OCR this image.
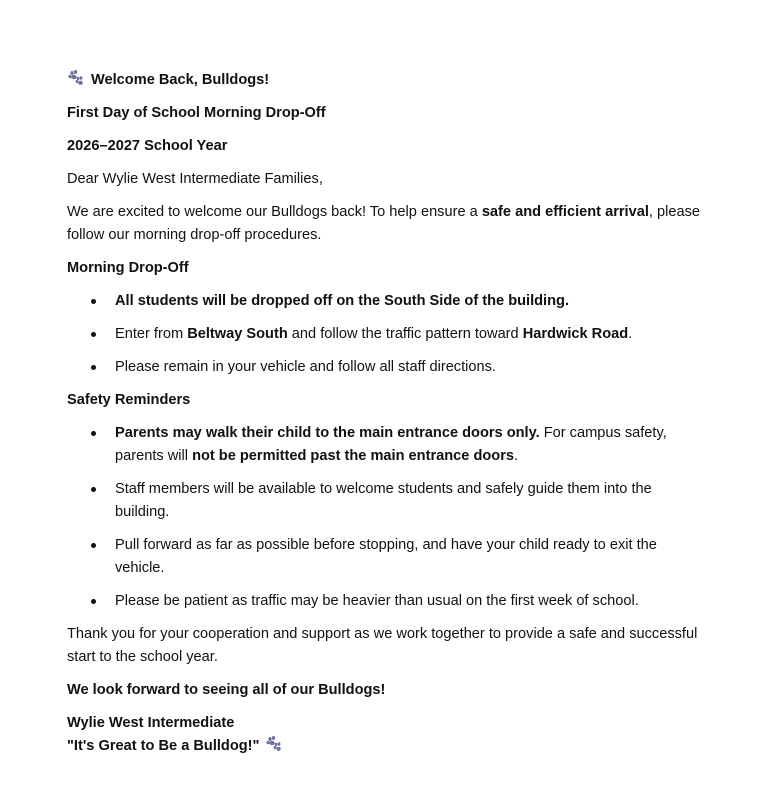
Welcome Back, Bulldogs!

First Day of School Morning Drop-Off

2026–2027 School Year

Dear Wylie West Intermediate Families,

We are excited to welcome our Bulldogs back! To help ensure a safe and efficient arrival, please follow our morning drop-off procedures.

Morning Drop-Off

All students will be dropped off on the South Side of the building.
Enter from Beltway South and follow the traffic pattern toward Hardwick Road.
Please remain in your vehicle and follow all staff directions.

Safety Reminders

Parents may walk their child to the main entrance doors only. For campus safety, parents will not be permitted past the main entrance doors.
Staff members will be available to welcome students and safely guide them into the building.
Pull forward as far as possible before stopping, and have your child ready to exit the vehicle.
Please be patient as traffic may be heavier than usual on the first week of school.

Thank you for your cooperation and support as we work together to provide a safe and successful start to the school year.

We look forward to seeing all of our Bulldogs!

Wylie West Intermediate

"It's Great to Be a Bulldog!"
